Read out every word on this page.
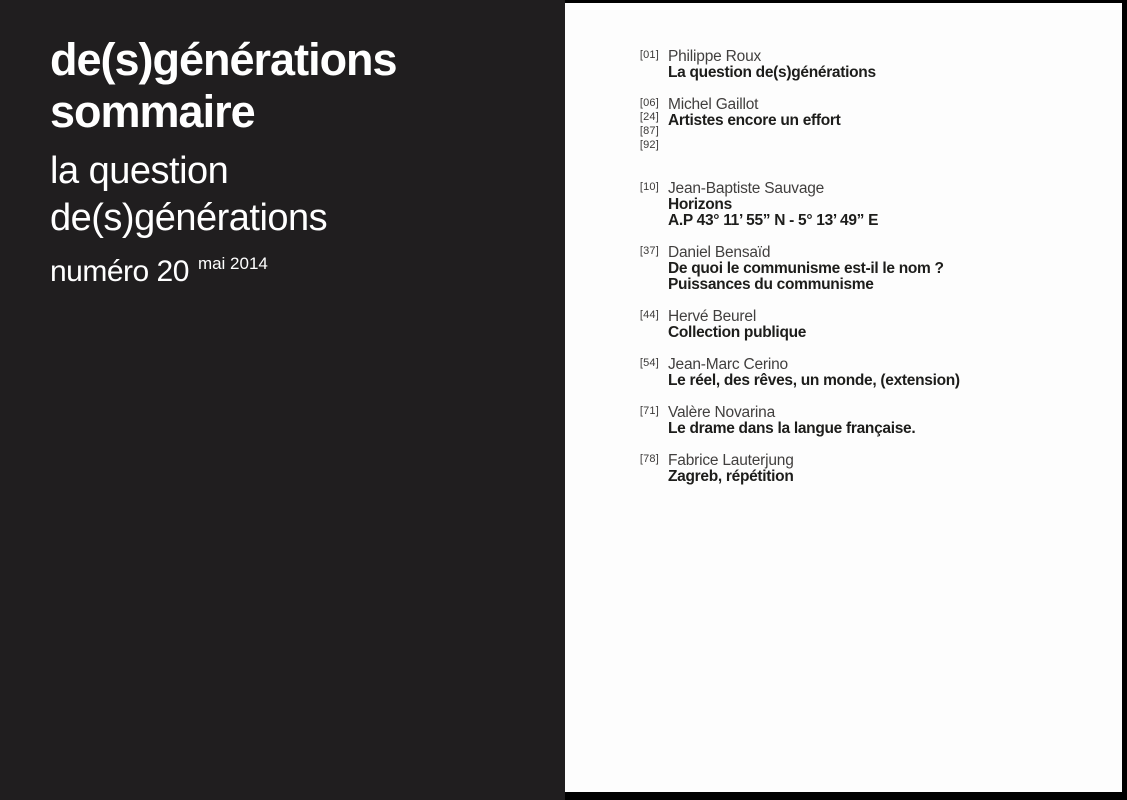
de(s)générations
sommaire
la question
de(s)générations
numéro 20 $^{mai 2014}$
[01] Philippe Roux
La question de(s)générations
[06]
[24]
[87]
[92]
Michel Gaillot
Artistes encore un effort
[10] Jean-Baptiste Sauvage
Horizons
A.P 43° 11’ 55” N - 5° 13’ 49” E
[37] Daniel Bensaïd
De quoi le communisme est-il le nom ?
Puissances du communisme
[44] Hervé Beurel
Collection publique
[54] Jean-Marc Cerino
Le réel, des rêves, un monde, (extension)
[71] Valère Novarina
Le drame dans la langue française.
[78] Fabrice Lauterjung
Zagreb, répétition
